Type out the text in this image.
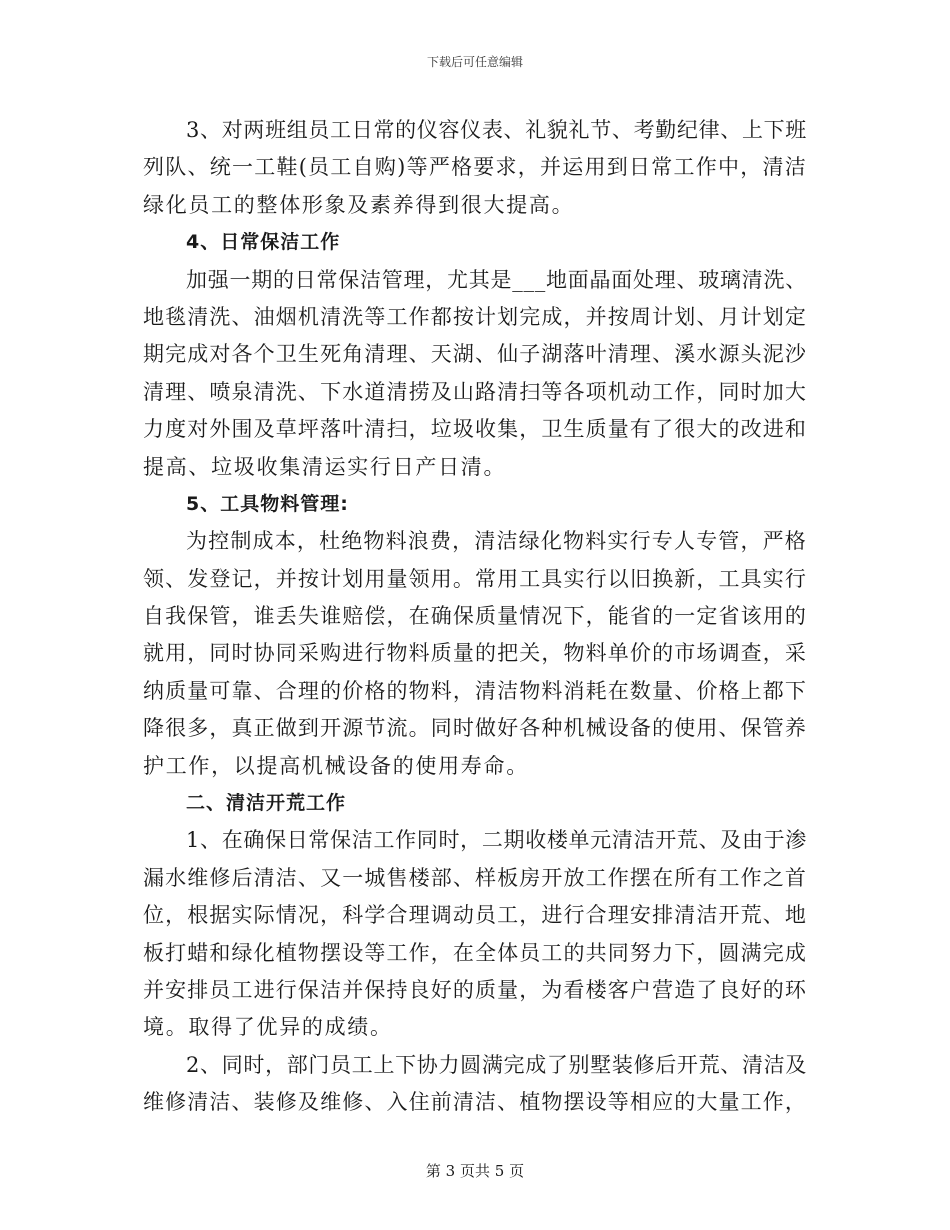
下载后可任意编辑
3、对两班组员工日常的仪容仪表、礼貌礼节、考勤纪律、上下班
列队、统一工鞋(员工自购)等严格要求，并运用到日常工作中，清洁
绿化员工的整体形象及素养得到很大提高。
4、日常保洁工作
加强一期的日常保洁管理，尤其是___地面晶面处理、玻璃清洗、
地毯清洗、油烟机清洗等工作都按计划完成，并按周计划、月计划定
期完成对各个卫生死角清理、天湖、仙子湖落叶清理、溪水源头泥沙
清理、喷泉清洗、下水道清捞及山路清扫等各项机动工作，同时加大
力度对外围及草坪落叶清扫，垃圾收集，卫生质量有了很大的改进和
提高、垃圾收集清运实行日产日清。
5、工具物料管理:
为控制成本，杜绝物料浪费，清洁绿化物料实行专人专管，严格
领、发登记，并按计划用量领用。常用工具实行以旧换新，工具实行
自我保管，谁丢失谁赔偿，在确保质量情况下，能省的一定省该用的
就用，同时协同采购进行物料质量的把关，物料单价的市场调查，采
纳质量可靠、合理的价格的物料，清洁物料消耗在数量、价格上都下
降很多，真正做到开源节流。同时做好各种机械设备的使用、保管养
护工作，以提高机械设备的使用寿命。
二、清洁开荒工作
1、在确保日常保洁工作同时，二期收楼单元清洁开荒、及由于渗
漏水维修后清洁、又一城售楼部、样板房开放工作摆在所有工作之首
位，根据实际情况，科学合理调动员工，进行合理安排清洁开荒、地
板打蜡和绿化植物摆设等工作，在全体员工的共同努力下，圆满完成
并安排员工进行保洁并保持良好的质量，为看楼客户营造了良好的环
境。取得了优异的成绩。
2、同时，部门员工上下协力圆满完成了别墅装修后开荒、清洁及
维修清洁、装修及维修、入住前清洁、植物摆设等相应的大量工作，
第 3 页共 5 页
